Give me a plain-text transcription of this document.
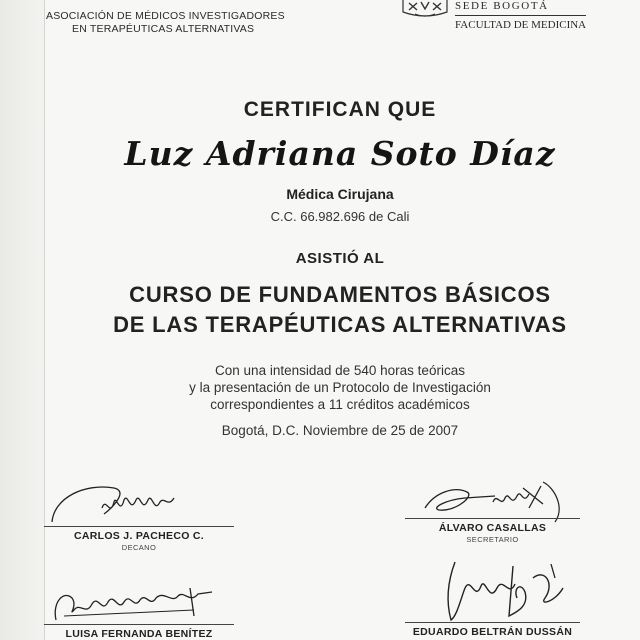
ASOCIACIÓN DE MÉDICOS INVESTIGADORES
EN TERAPÉUTICAS ALTERNATIVAS
SEDE BOGOTÁ
FACULTAD DE MEDICINA
CERTIFICAN QUE
Luz Adriana Soto Díaz
Médica Cirujana
C.C. 66.982.696 de Cali
ASISTIÓ AL
CURSO DE FUNDAMENTOS BÁSICOS
DE LAS TERAPÉUTICAS ALTERNATIVAS
Con una intensidad de 540 horas teóricas
y la presentación de un Protocolo de Investigación
correspondientes a 11 créditos académicos
Bogotá, D.C. Noviembre de 25 de 2007
CARLOS J. PACHECO C.
DECANO
ÁLVARO CASALLAS
SECRETARIO
LUISA FERNANDA BENÍTEZ	EDUARDO BELTRÁN DUSSÁN
